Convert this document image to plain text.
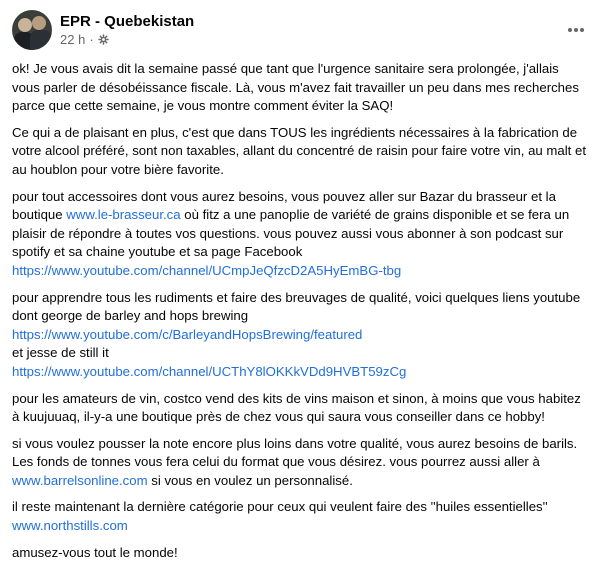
EPR - Quebekistan
22 h ·

ok! Je vous avais dit la semaine passé que tant que l'urgence sanitaire sera prolongée, j'allais vous parler de désobéissance fiscale. Là, vous m'avez fait travailler un peu dans mes recherches parce que cette semaine, je vous montre comment éviter la SAQ!

Ce qui a de plaisant en plus, c'est que dans TOUS les ingrédients nécessaires à la fabrication de votre alcool préféré, sont non taxables, allant du concentré de raisin pour faire votre vin, au malt et au houblon pour votre bière favorite.

pour tout accessoires dont vous aurez besoins, vous pouvez aller sur Bazar du brasseur et la boutique www.le-brasseur.ca où fitz a une panoplie de variété de grains disponible et se fera un plaisir de répondre à toutes vos questions. vous pouvez aussi vous abonner à son podcast sur spotify et sa chaine youtube et sa page Facebook
https://www.youtube.com/channel/UCmpJeQfzcD2A5HyEmBG-tbg

pour apprendre tous les rudiments et faire des breuvages de qualité, voici quelques liens youtube
dont george de barley and hops brewing
https://www.youtube.com/c/BarleyandHopsBrewing/featured
et jesse de still it
https://www.youtube.com/channel/UCThY8lOKKkVDd9HVBT59zCg

pour les amateurs de vin, costco vend des kits de vins maison et sinon, à moins que vous habitez à kuujuuaq, il-y-a une boutique près de chez vous qui saura vous conseiller dans ce hobby!

si vous voulez pousser la note encore plus loins dans votre qualité, vous aurez besoins de barils. Les fonds de tonnes vous fera celui du format que vous désirez. vous pourrez aussi aller à www.barrelsonline.com si vous en voulez un personnalisé.

il reste maintenant la dernière catégorie pour ceux qui veulent faire des ''huiles essentielles'' www.northstills.com

amusez-vous tout le monde!
